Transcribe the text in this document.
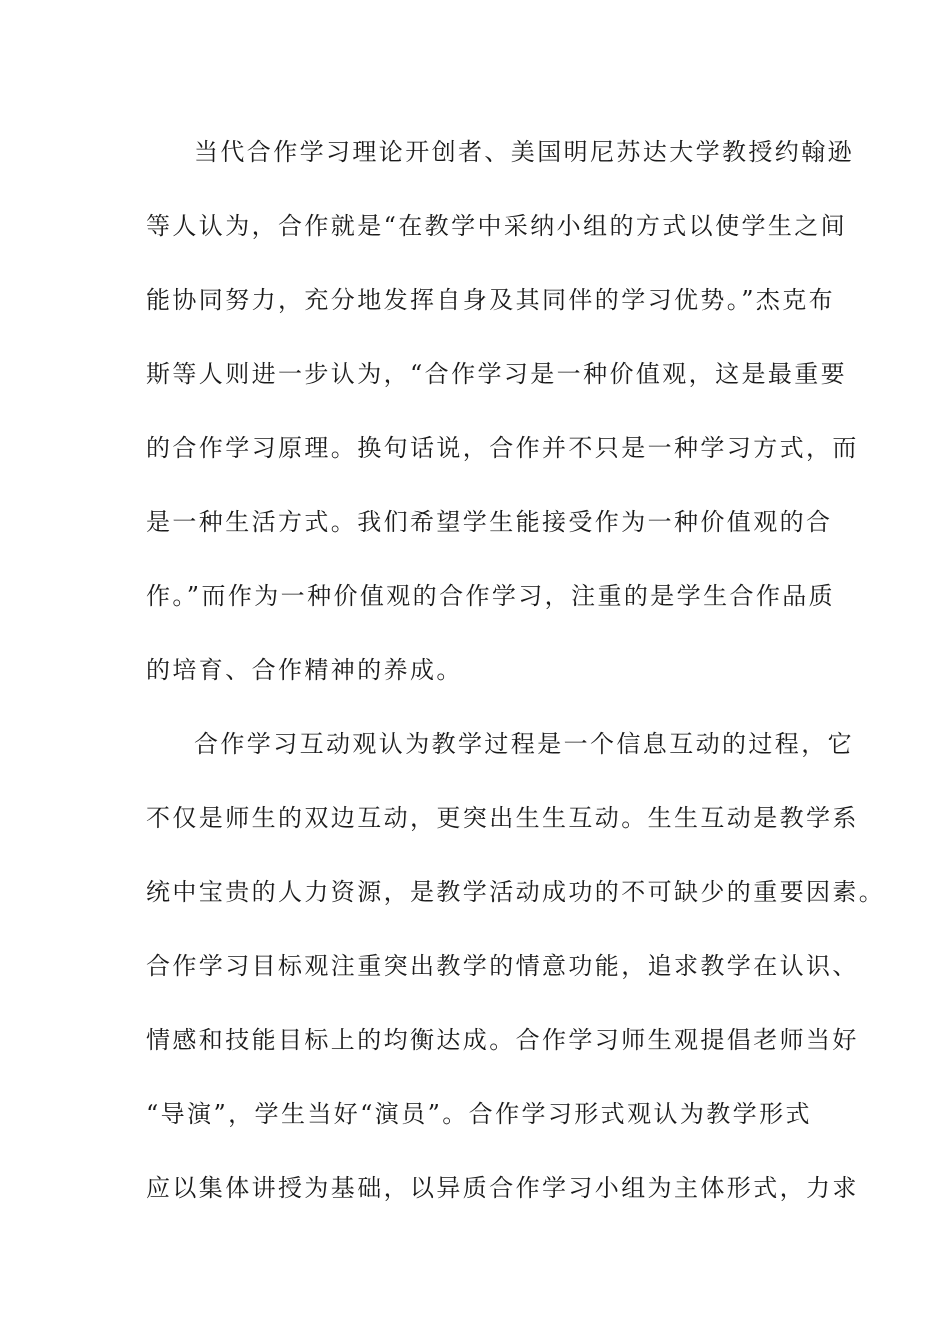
当代合作学习理论开创者、美国明尼苏达大学教授约翰逊
等人认为，合作就是“在教学中采纳小组的方式以使学生之间
能协同努力，充分地发挥自身及其同伴的学习优势。”杰克布
斯等人则进一步认为，“合作学习是一种价值观，这是最重要
的合作学习原理。换句话说，合作并不只是一种学习方式，而
是一种生活方式。我们希望学生能接受作为一种价值观的合
作。”而作为一种价值观的合作学习，注重的是学生合作品质
的培育、合作精神的养成。
合作学习互动观认为教学过程是一个信息互动的过程，它
不仅是师生的双边互动，更突出生生互动。生生互动是教学系
统中宝贵的人力资源，是教学活动成功的不可缺少的重要因素。
合作学习目标观注重突出教学的情意功能，追求教学在认识、
情感和技能目标上的均衡达成。合作学习师生观提倡老师当好
“导演”，学生当好“演员”。合作学习形式观认为教学形式
应以集体讲授为基础，以异质合作学习小组为主体形式，力求
